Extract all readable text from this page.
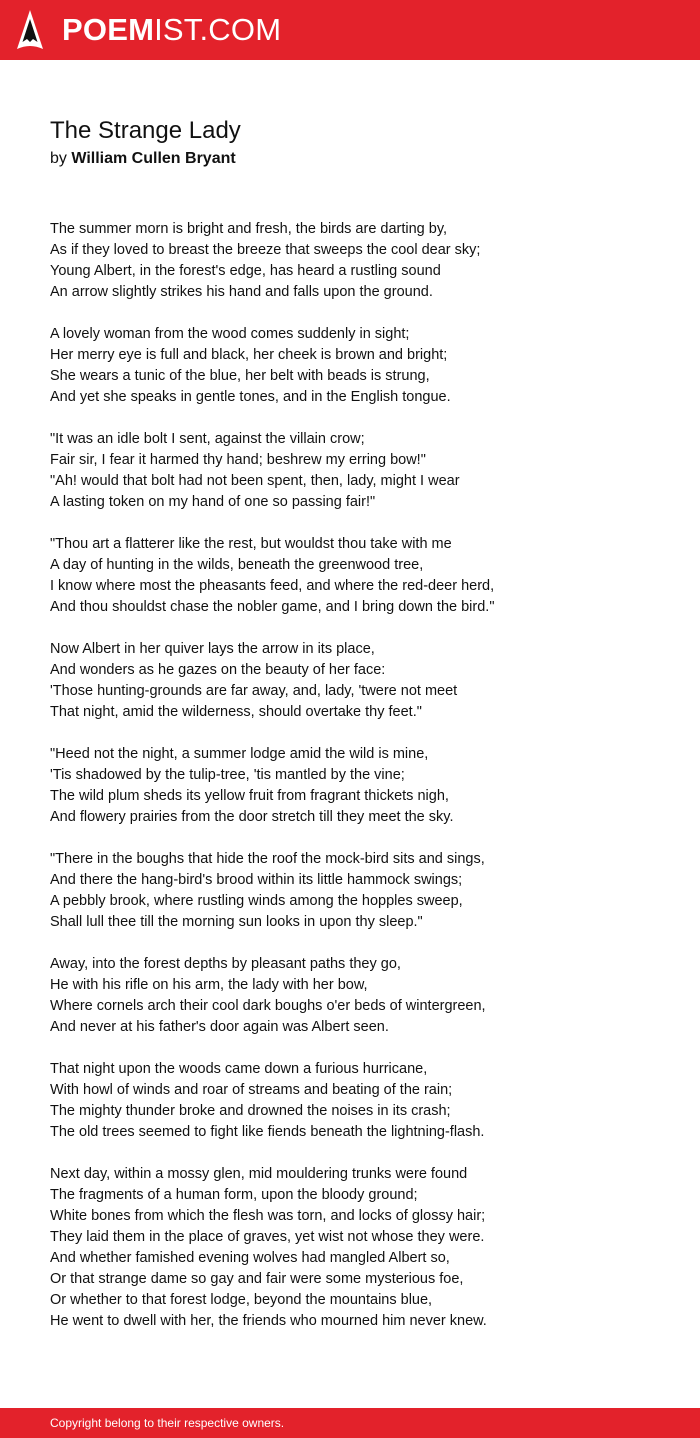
POEMIST.COM
The Strange Lady
by William Cullen Bryant
The summer morn is bright and fresh, the birds are darting by,
As if they loved to breast the breeze that sweeps the cool dear sky;
Young Albert, in the forest's edge, has heard a rustling sound
An arrow slightly strikes his hand and falls upon the ground.
A lovely woman from the wood comes suddenly in sight;
Her merry eye is full and black, her cheek is brown and bright;
She wears a tunic of the blue, her belt with beads is strung,
And yet she speaks in gentle tones, and in the English tongue.
"It was an idle bolt I sent, against the villain crow;
Fair sir, I fear it harmed thy hand; beshrew my erring bow!"
"Ah! would that bolt had not been spent, then, lady, might I wear
A lasting token on my hand of one so passing fair!"
"Thou art a flatterer like the rest, but wouldst thou take with me
A day of hunting in the wilds, beneath the greenwood tree,
I know where most the pheasants feed, and where the red-deer herd,
And thou shouldst chase the nobler game, and I bring down the bird."
Now Albert in her quiver lays the arrow in its place,
And wonders as he gazes on the beauty of her face:
'Those hunting-grounds are far away, and, lady, 'twere not meet
That night, amid the wilderness, should overtake thy feet."
"Heed not the night, a summer lodge amid the wild is mine,
'Tis shadowed by the tulip-tree, 'tis mantled by the vine;
The wild plum sheds its yellow fruit from fragrant thickets nigh,
And flowery prairies from the door stretch till they meet the sky.
"There in the boughs that hide the roof the mock-bird sits and sings,
And there the hang-bird's brood within its little hammock swings;
A pebbly brook, where rustling winds among the hopples sweep,
Shall lull thee till the morning sun looks in upon thy sleep."
Away, into the forest depths by pleasant paths they go,
He with his rifle on his arm, the lady with her bow,
Where cornels arch their cool dark boughs o'er beds of wintergreen,
And never at his father's door again was Albert seen.
That night upon the woods came down a furious hurricane,
With howl of winds and roar of streams and beating of the rain;
The mighty thunder broke and drowned the noises in its crash;
The old trees seemed to fight like fiends beneath the lightning-flash.
Next day, within a mossy glen, mid mouldering trunks were found
The fragments of a human form, upon the bloody ground;
White bones from which the flesh was torn, and locks of glossy hair;
They laid them in the place of graves, yet wist not whose they were.
And whether famished evening wolves had mangled Albert so,
Or that strange dame so gay and fair were some mysterious foe,
Or whether to that forest lodge, beyond the mountains blue,
He went to dwell with her, the friends who mourned him never knew.
Copyright belong to their respective owners.
